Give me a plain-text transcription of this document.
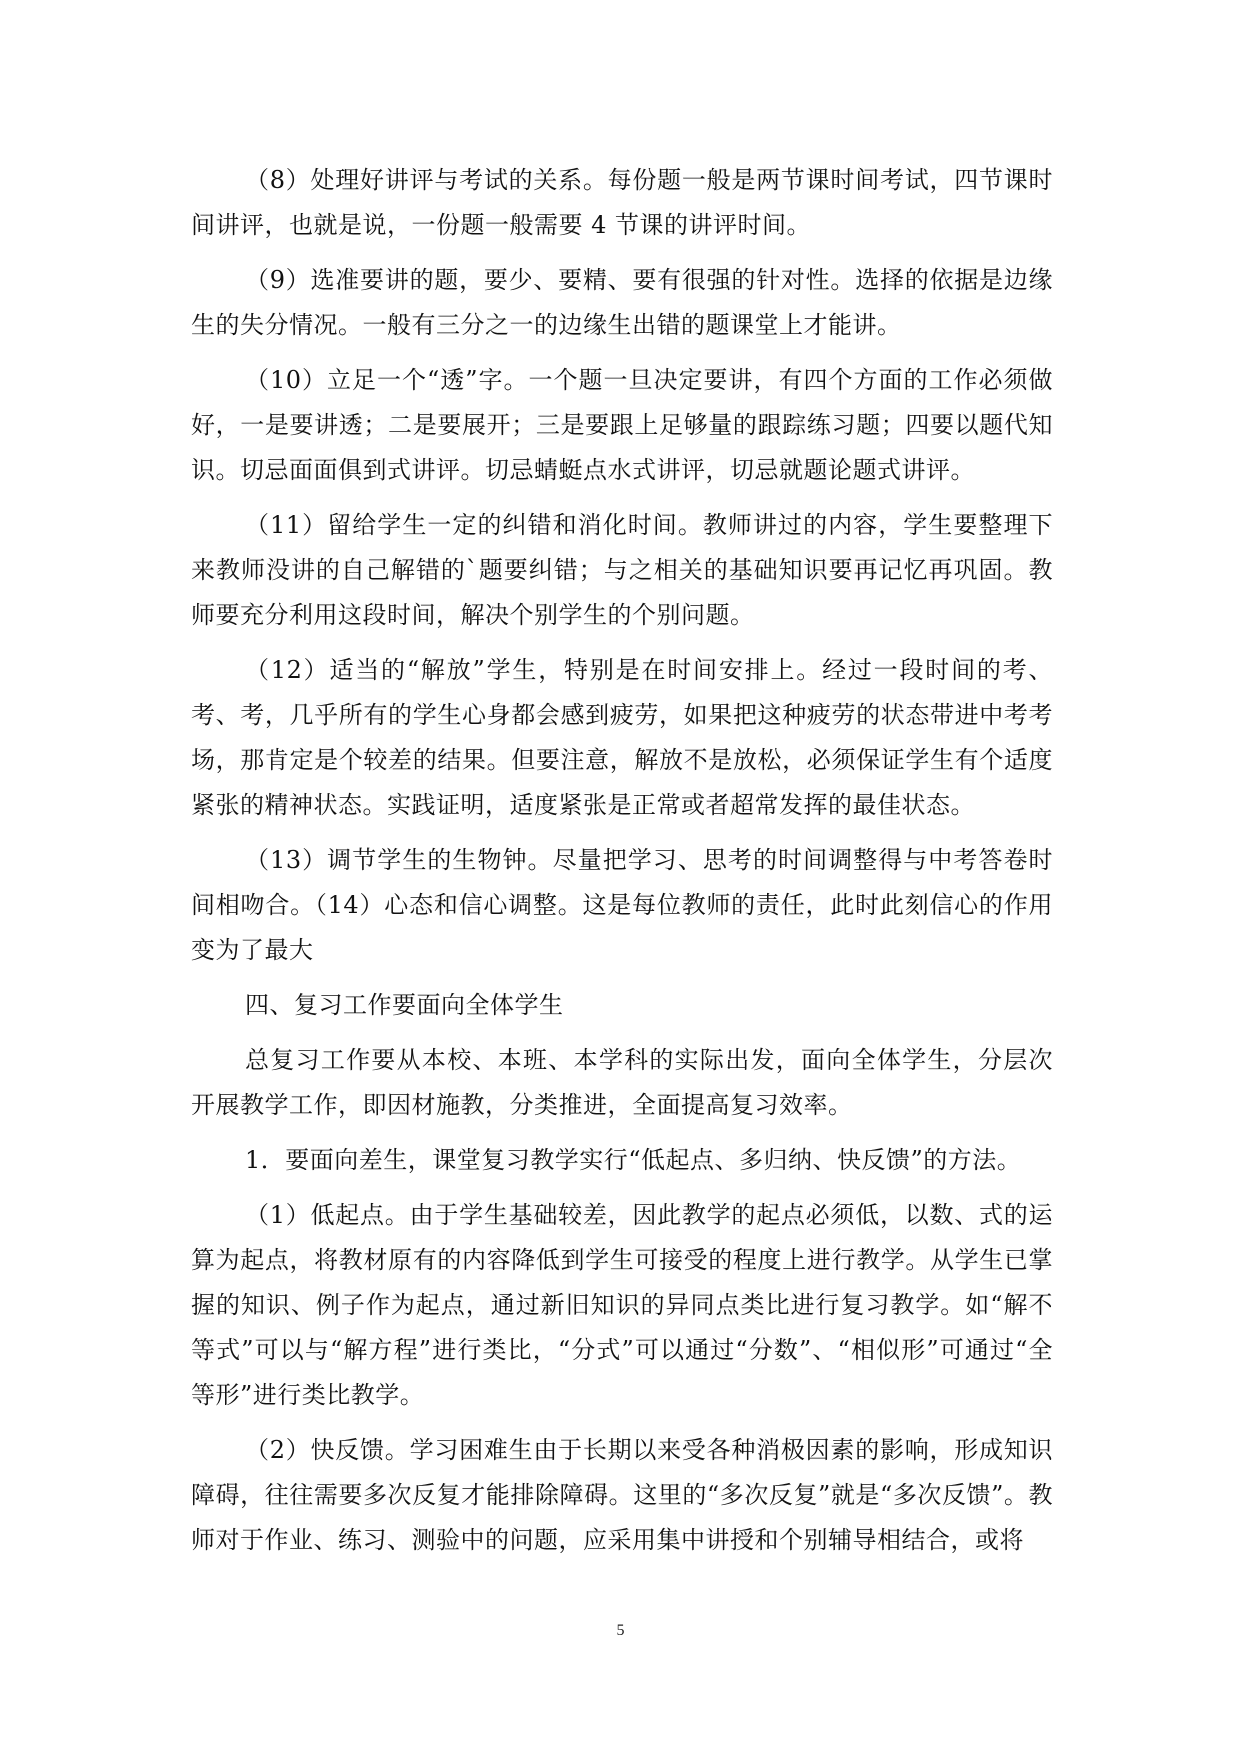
（8）处理好讲评与考试的关系。每份题一般是两节课时间考试，四节课时间讲评，也就是说，一份题一般需要 4 节课的讲评时间。

（9）选准要讲的题，要少、要精、要有很强的针对性。选择的依据是边缘生的失分情况。一般有三分之一的边缘生出错的题课堂上才能讲。

（10）立足一个“透”字。一个题一旦决定要讲，有四个方面的工作必须做好，一是要讲透；二是要展开；三是要跟上足够量的跟踪练习题；四要以题代知识。切忌面面俱到式讲评。切忌蜻蜓点水式讲评，切忌就题论题式讲评。

（11）留给学生一定的纠错和消化时间。教师讲过的内容，学生要整理下来教师没讲的自己解错的`题要纠错；与之相关的基础知识要再记忆再巩固。教师要充分利用这段时间，解决个别学生的个别问题。

（12）适当的“解放”学生，特别是在时间安排上。经过一段时间的考、考、考，几乎所有的学生心身都会感到疲劳，如果把这种疲劳的状态带进中考考场，那肯定是个较差的结果。但要注意，解放不是放松，必须保证学生有个适度紧张的精神状态。实践证明，适度紧张是正常或者超常发挥的最佳状态。

（13）调节学生的生物钟。尽量把学习、思考的时间调整得与中考答卷时间相吻合。（14）心态和信心调整。这是每位教师的责任，此时此刻信心的作用变为了最大

四、复习工作要面向全体学生

总复习工作要从本校、本班、本学科的实际出发，面向全体学生，分层次开展教学工作，即因材施教，分类推进，全面提高复习效率。

1．要面向差生，课堂复习教学实行“低起点、多归纳、快反馈”的方法。

（1）低起点。由于学生基础较差，因此教学的起点必须低，以数、式的运算为起点，将教材原有的内容降低到学生可接受的程度上进行教学。从学生已掌握的知识、例子作为起点，通过新旧知识的异同点类比进行复习教学。如“解不等式”可以与“解方程”进行类比，“分式”可以通过“分数”、“相似形”可通过“全等形”进行类比教学。

（2）快反馈。学习困难生由于长期以来受各种消极因素的影响，形成知识障碍，往往需要多次反复才能排除障碍。这里的“多次反复”就是“多次反馈”。教师对于作业、练习、测验中的问题，应采用集中讲授和个别辅导相结合，或将

5
